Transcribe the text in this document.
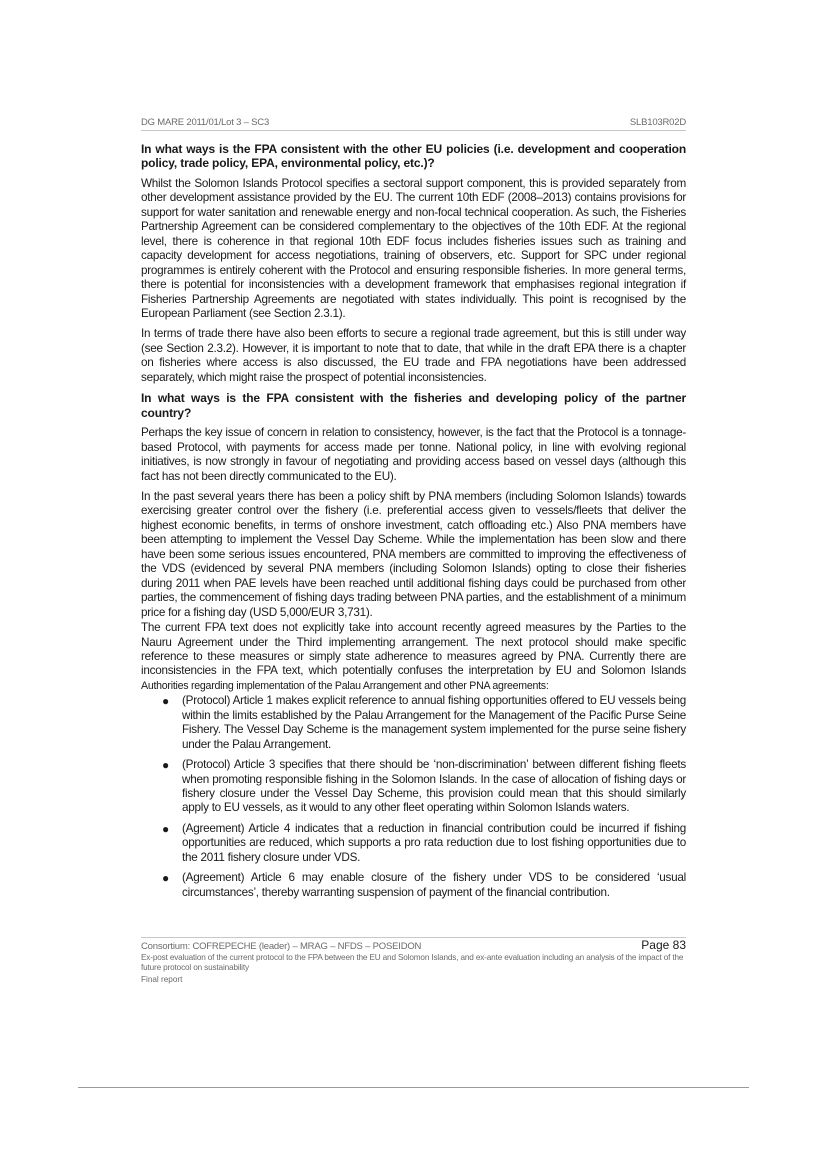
DG MARE 2011/01/Lot 3 – SC3	SLB103R02D
In what ways is the FPA consistent with the other EU policies (i.e. development and cooperation policy, trade policy, EPA, environmental policy, etc.)?

Whilst the Solomon Islands Protocol specifies a sectoral support component, this is provided separately from other development assistance provided by the EU. The current 10th EDF (2008–2013) contains provisions for support for water sanitation and renewable energy and non-focal technical cooperation. As such, the Fisheries Partnership Agreement can be considered complementary to the objectives of the 10th EDF. At the regional level, there is coherence in that regional 10th EDF focus includes fisheries issues such as training and capacity development for access negotiations, training of observers, etc. Support for SPC under regional programmes is entirely coherent with the Protocol and ensuring responsible fisheries. In more general terms, there is potential for inconsistencies with a development framework that emphasises regional integration if Fisheries Partnership Agreements are negotiated with states individually. This point is recognised by the European Parliament (see Section 2.3.1).

In terms of trade there have also been efforts to secure a regional trade agreement, but this is still under way (see Section 2.3.2). However, it is important to note that to date, that while in the draft EPA there is a chapter on fisheries where access is also discussed, the EU trade and FPA negotiations have been addressed separately, which might raise the prospect of potential inconsistencies.

In what ways is the FPA consistent with the fisheries and developing policy of the partner country?

Perhaps the key issue of concern in relation to consistency, however, is the fact that the Protocol is a tonnage-based Protocol, with payments for access made per tonne. National policy, in line with evolving regional initiatives, is now strongly in favour of negotiating and providing access based on vessel days (although this fact has not been directly communicated to the EU).

In the past several years there has been a policy shift by PNA members (including Solomon Islands) towards exercising greater control over the fishery (i.e. preferential access given to vessels/fleets that deliver the highest economic benefits, in terms of onshore investment, catch offloading etc.) Also PNA members have been attempting to implement the Vessel Day Scheme. While the implementation has been slow and there have been some serious issues encountered, PNA members are committed to improving the effectiveness of the VDS (evidenced by several PNA members (including Solomon Islands) opting to close their fisheries during 2011 when PAE levels have been reached until additional fishing days could be purchased from other parties, the commencement of fishing days trading between PNA parties, and the establishment of a minimum price for a fishing day (USD 5,000/EUR 3,731).

The current FPA text does not explicitly take into account recently agreed measures by the Parties to the Nauru Agreement under the Third implementing arrangement. The next protocol should make specific reference to these measures or simply state adherence to measures agreed by PNA. Currently there are inconsistencies in the FPA text, which potentially confuses the interpretation by EU and Solomon Islands Authorities regarding implementation of the Palau Arrangement and other PNA agreements:

● (Protocol) Article 1 makes explicit reference to annual fishing opportunities offered to EU vessels being within the limits established by the Palau Arrangement for the Management of the Pacific Purse Seine Fishery. The Vessel Day Scheme is the management system implemented for the purse seine fishery under the Palau Arrangement.
● (Protocol) Article 3 specifies that there should be ‘non-discrimination’ between different fishing fleets when promoting responsible fishing in the Solomon Islands. In the case of allocation of fishing days or fishery closure under the Vessel Day Scheme, this provision could mean that this should similarly apply to EU vessels, as it would to any other fleet operating within Solomon Islands waters.
● (Agreement) Article 4 indicates that a reduction in financial contribution could be incurred if fishing opportunities are reduced, which supports a pro rata reduction due to lost fishing opportunities due to the 2011 fishery closure under VDS.
● (Agreement) Article 6 may enable closure of the fishery under VDS to be considered ‘usual circumstances’, thereby warranting suspension of payment of the financial contribution.
Consortium: COFREPECHE (leader) – MRAG – NFDS – POSEIDON	Page 83
Ex-post evaluation of the current protocol to the FPA between the EU and Solomon Islands, and ex-ante evaluation including an analysis of the impact of the future protocol on sustainability
Final report
